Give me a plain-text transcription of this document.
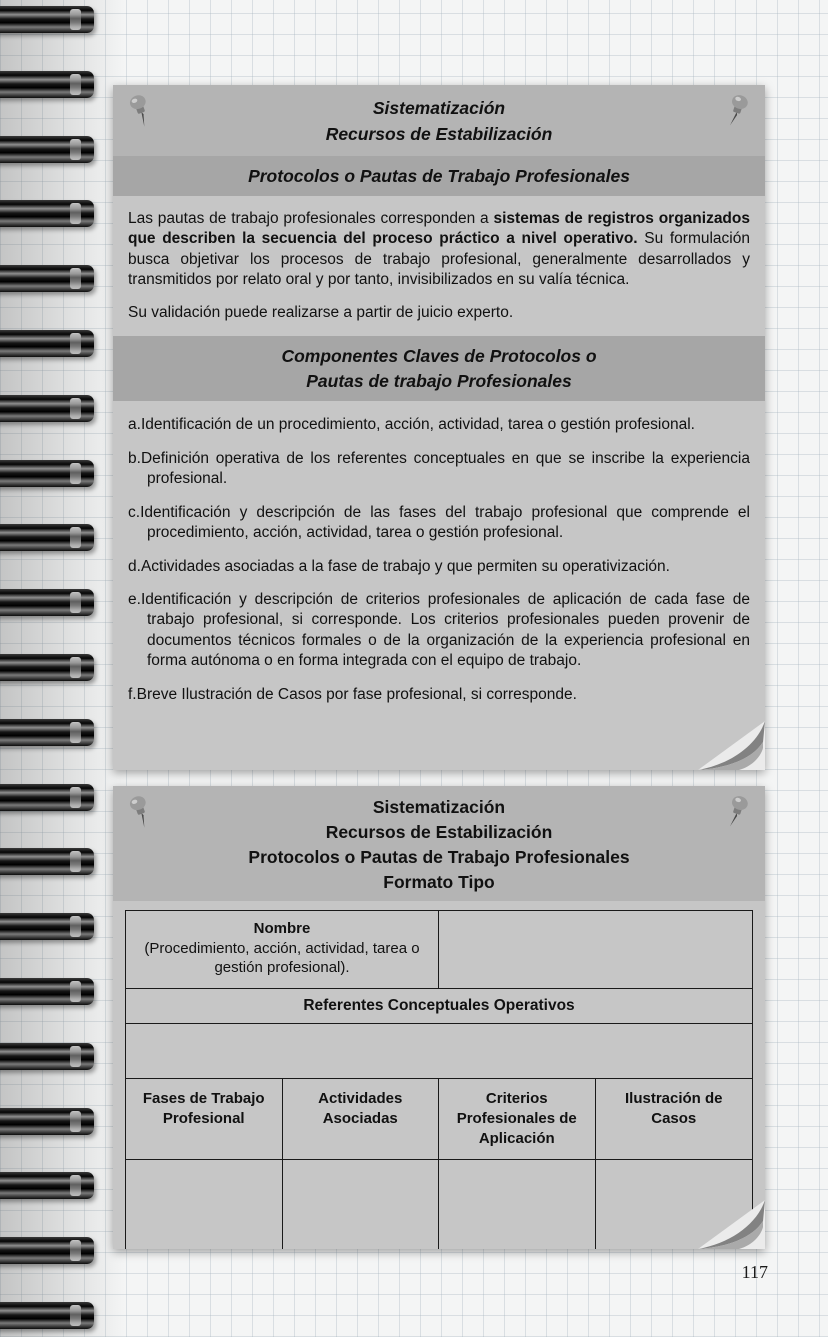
Sistematización
Recursos de Estabilización
Protocolos o Pautas de Trabajo Profesionales

Las pautas de trabajo profesionales corresponden a sistemas de registros organizados que describen la secuencia del proceso práctico a nivel operativo. Su formulación busca objetivar los procesos de trabajo profesional, generalmente desarrollados y transmitidos por relato oral y por tanto, invisibilizados en su valía técnica.

Su validación puede realizarse a partir de juicio experto.

Componentes Claves de Protocolos o
Pautas de trabajo Profesionales
a.Identificación de un procedimiento, acción, actividad, tarea o gestión profesional.
b.Definición operativa de los referentes conceptuales en que se inscribe la experiencia profesional.
c.Identificación y descripción de las fases del trabajo profesional que comprende el procedimiento, acción, actividad, tarea o gestión profesional.
d.Actividades asociadas a la fase de trabajo y que permiten su operativización.
e.Identificación y descripción de criterios profesionales de aplicación de cada fase de trabajo profesional, si corresponde. Los criterios profesionales pueden provenir de documentos técnicos formales o de la organización de la experiencia profesional en forma autónoma o en forma integrada con el equipo de trabajo.
f.Breve Ilustración de Casos por fase profesional, si corresponde.
Sistematización
Recursos de Estabilización
Protocolos o Pautas de Trabajo Profesionales
Formato Tipo
Nombre
(Procedimiento, acción, actividad, tarea o gestión profesional).
Referentes Conceptuales Operativos
Fases de Trabajo Profesional
Actividades Asociadas
Criterios Profesionales de Aplicación
Ilustración de Casos
117
